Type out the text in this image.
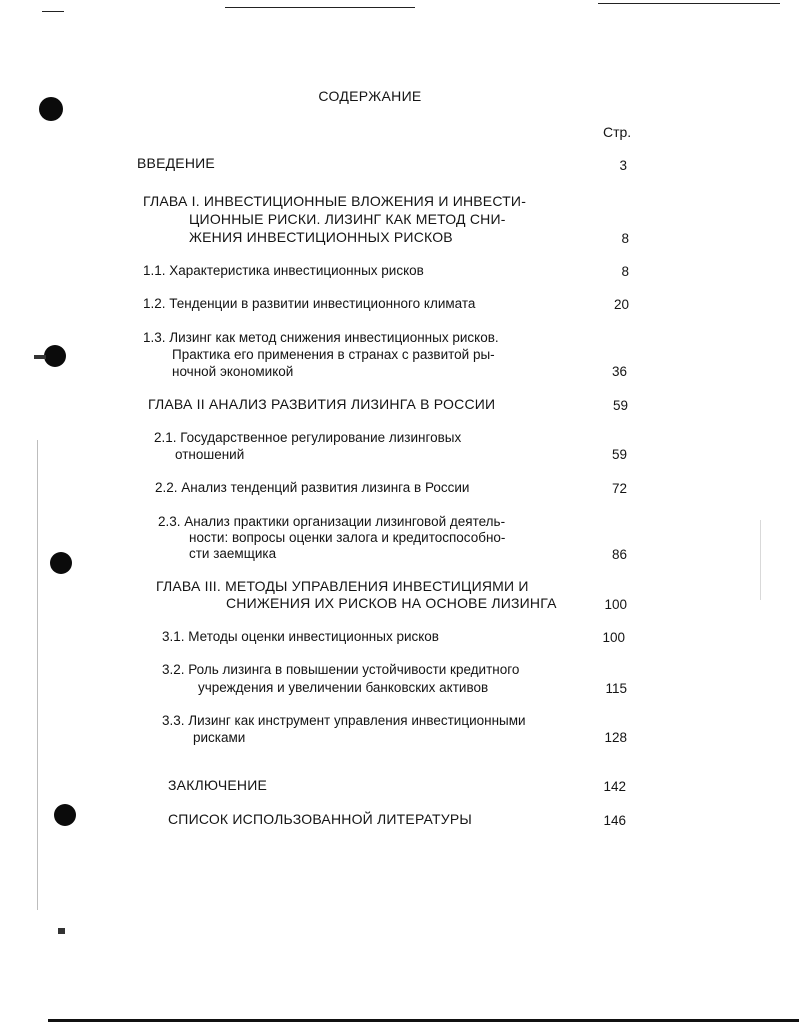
СОДЕРЖАНИЕ
Стр.
ВВЕДЕНИЕ	3
ГЛАВА I. ИНВЕСТИЦИОННЫЕ ВЛОЖЕНИЯ И ИНВЕСТИ-
ЦИОННЫЕ РИСКИ. ЛИЗИНГ КАК МЕТОД СНИ-
ЖЕНИЯ ИНВЕСТИЦИОННЫХ РИСКОВ	8
1.1. Характеристика инвестиционных рисков	8
1.2. Тенденции в развитии инвестиционного климата	20
1.3. Лизинг как метод снижения инвестиционных рисков.
Практика его применения в странах с развитой ры-
ночной экономикой	36
ГЛАВА II АНАЛИЗ РАЗВИТИЯ ЛИЗИНГА В РОССИИ	59
2.1. Государственное регулирование лизинговых
отношений	59
2.2. Анализ тенденций развития лизинга в России	72
2.3. Анализ практики организации лизинговой деятель-
ности: вопросы оценки залога и кредитоспособно-
сти заемщика	86
ГЛАВА III. МЕТОДЫ УПРАВЛЕНИЯ ИНВЕСТИЦИЯМИ И
СНИЖЕНИЯ ИХ РИСКОВ НА ОСНОВЕ ЛИЗИНГА	100
3.1. Методы оценки инвестиционных рисков	100
3.2. Роль лизинга в повышении устойчивости кредитного
учреждения и увеличении банковских активов	115
3.3. Лизинг как инструмент управления инвестиционными
рисками	128
ЗАКЛЮЧЕНИЕ	142
СПИСОК ИСПОЛЬЗОВАННОЙ ЛИТЕРАТУРЫ	146
